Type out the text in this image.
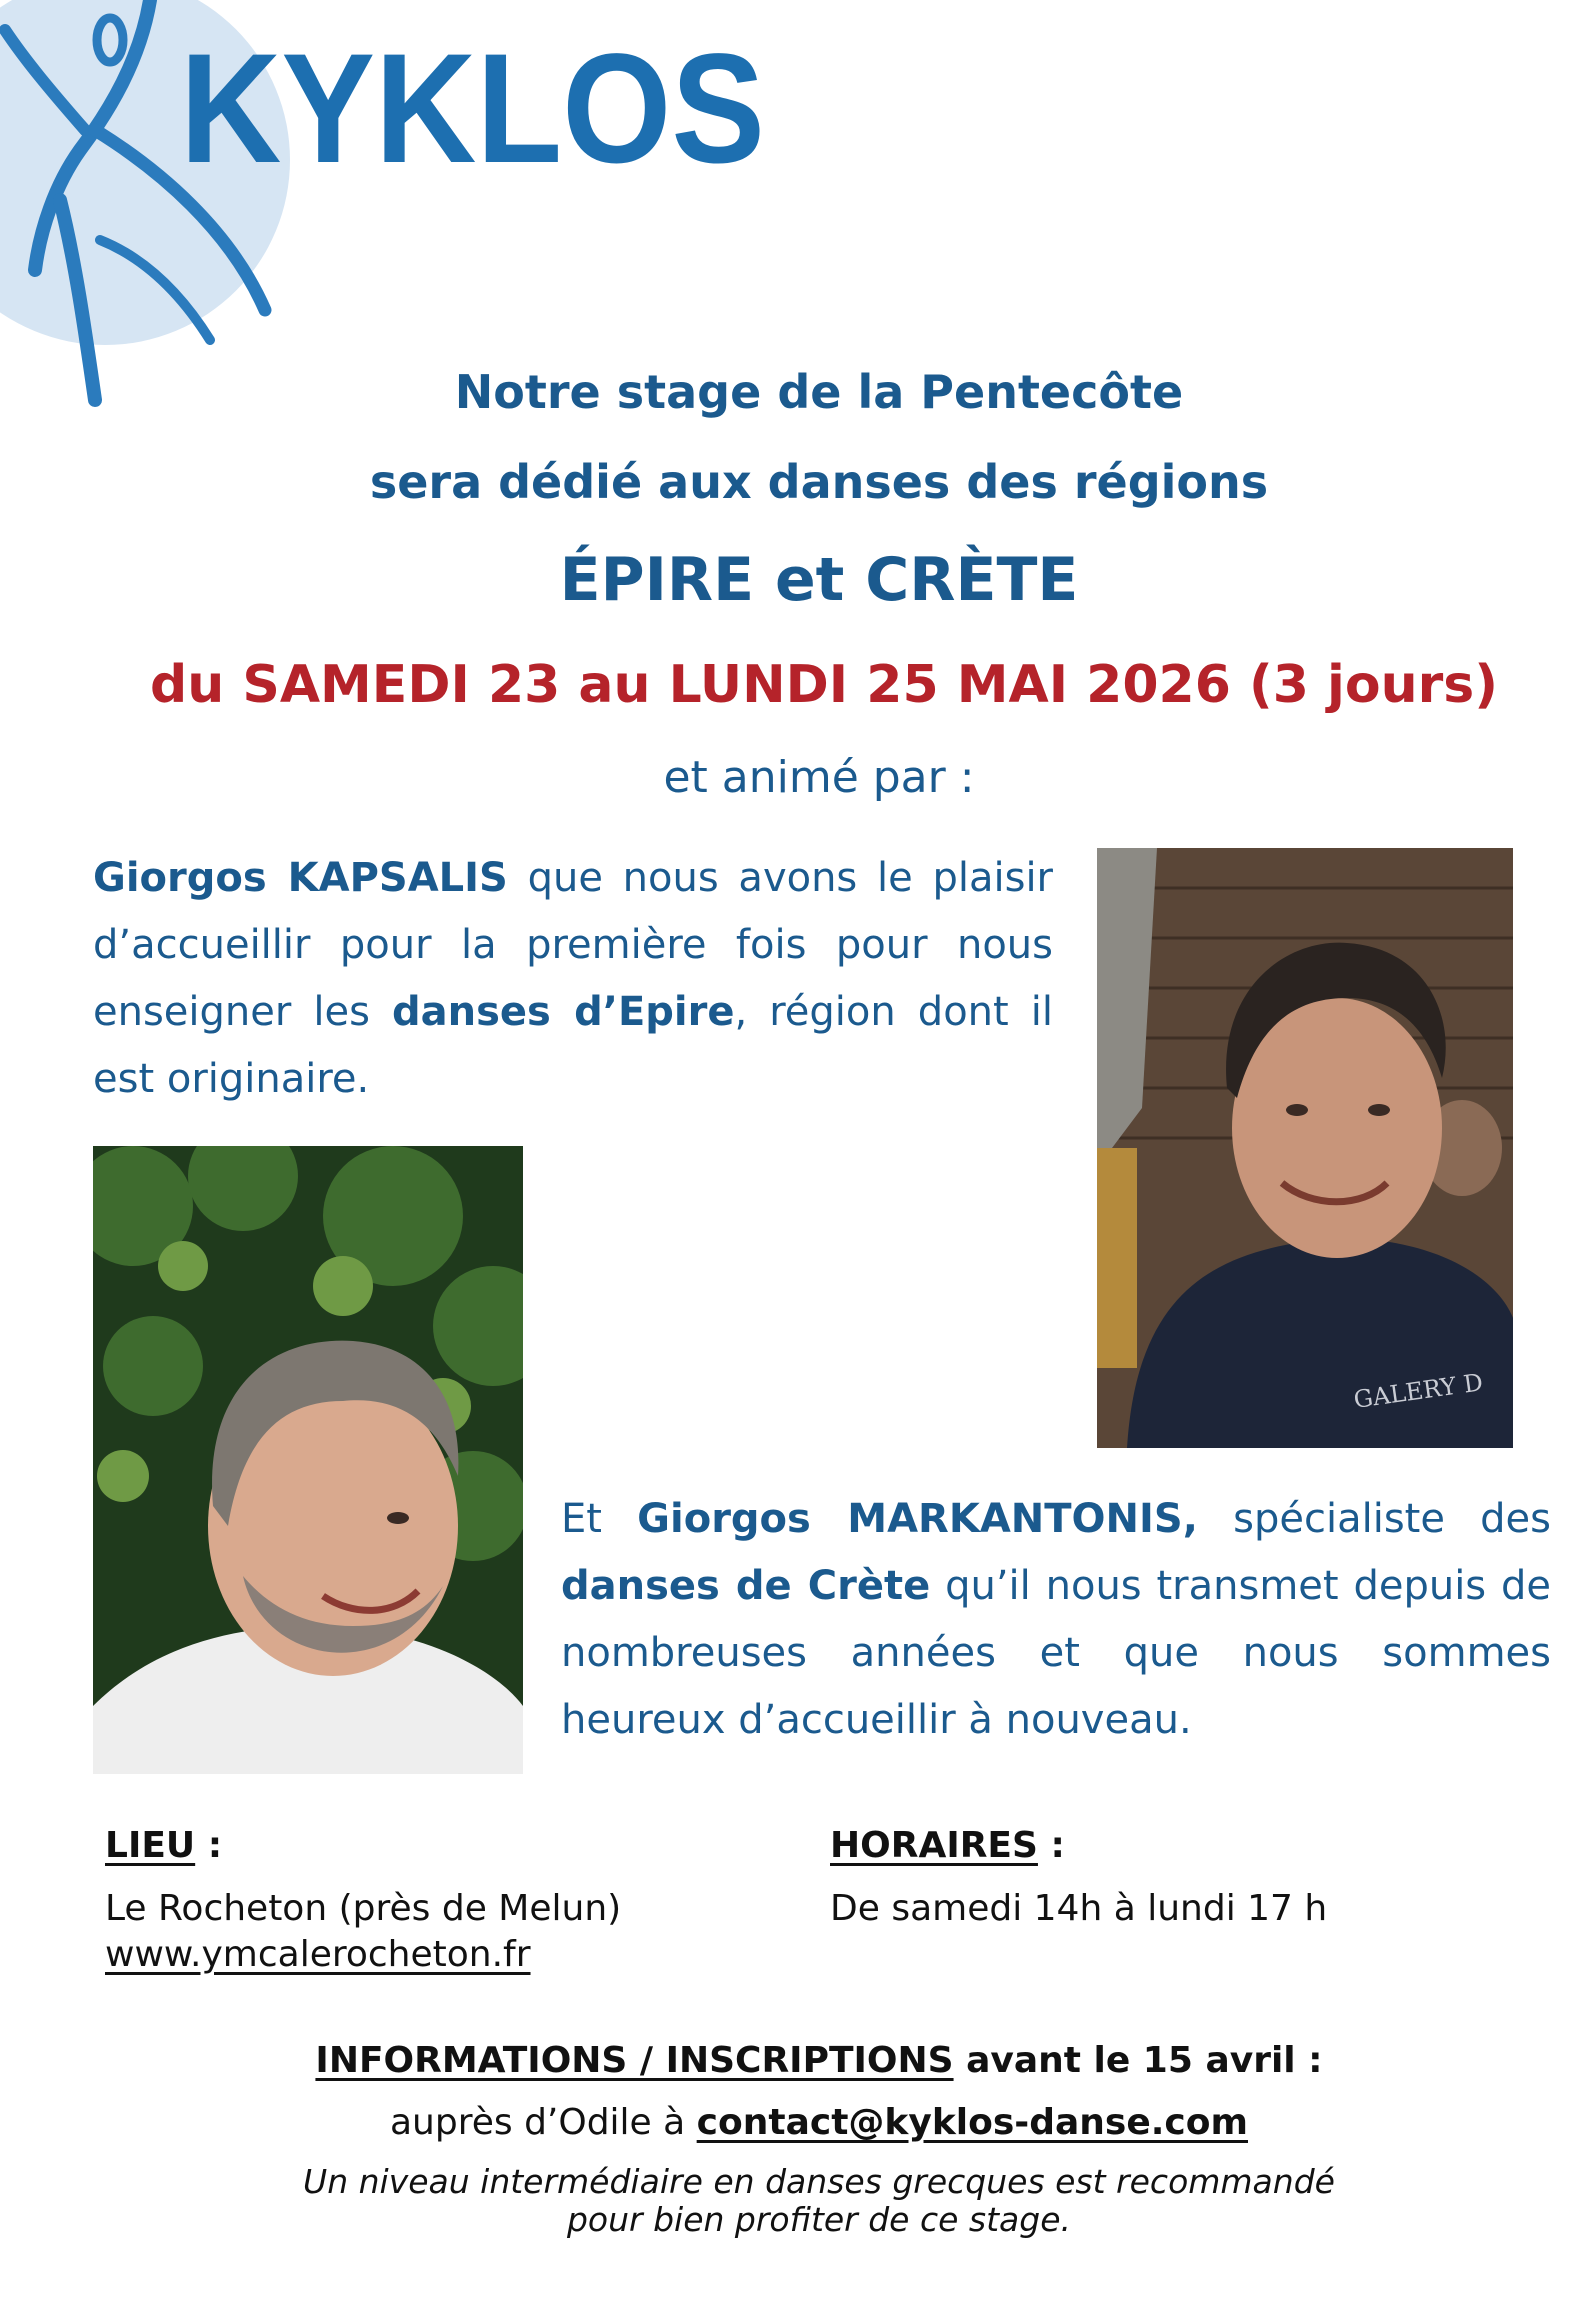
KYKLOS
Notre stage de la Pentecôte
sera dédié aux danses des régions
ÉPIRE et CRÈTE
du SAMEDI 23 au LUNDI 25 MAI 2026 (3 jours)
et animé par :
Giorgos KAPSALIS que nous avons le plaisir d’accueillir pour la première fois pour nous enseigner les danses d’Epire, région dont il est originaire.
GALERY D
Et Giorgos MARKANTONIS, spécialiste des danses de Crète qu’il nous transmet depuis de nombreuses années et que nous sommes heureux d’accueillir à nouveau.
LIEU :
Le Rocheton (près de Melun)
www.ymcalerocheton.fr
HORAIRES :
De samedi 14h à lundi 17 h
INFORMATIONS / INSCRIPTIONS avant le 15 avril :
auprès d’Odile à contact@kyklos-danse.com
Un niveau intermédiaire en danses grecques est recommandé
pour bien profiter de ce stage.
